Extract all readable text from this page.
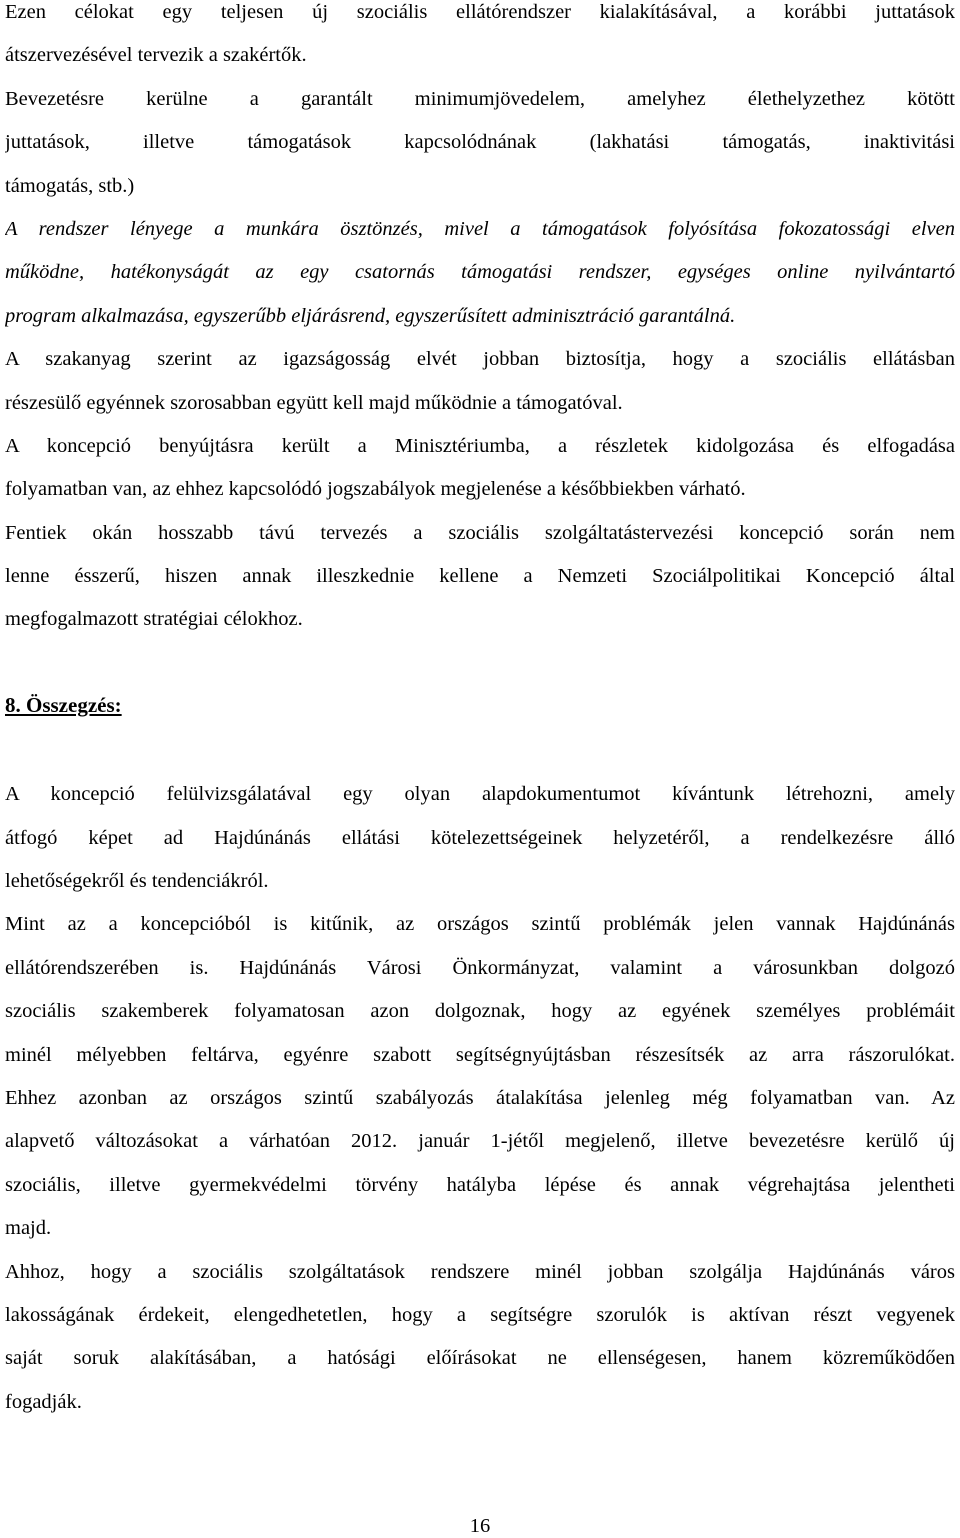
Ezen célokat egy teljesen új szociális ellátórendszer kialakításával, a korábbi juttatások
átszervezésével tervezik a szakértők.
Bevezetésre kerülne a garantált minimumjövedelem, amelyhez élethelyzethez kötött
juttatások, illetve támogatások kapcsolódnának (lakhatási támogatás, inaktivitási
támogatás, stb.)
A rendszer lényege a munkára ösztönzés, mivel a támogatások folyósítása fokozatossági elven
működne, hatékonyságát az egy csatornás támogatási rendszer, egységes online nyilvántartó
program alkalmazása, egyszerűbb eljárásrend, egyszerűsített adminisztráció garantálná.
A szakanyag szerint az igazságosság elvét jobban biztosítja, hogy a szociális ellátásban
részesülő egyénnek szorosabban együtt kell majd működnie a támogatóval.
A koncepció benyújtásra került a Minisztériumba, a részletek kidolgozása és elfogadása
folyamatban van, az ehhez kapcsolódó jogszabályok megjelenése a későbbiekben várható.
Fentiek okán hosszabb távú tervezés a szociális szolgáltatástervezési koncepció során nem
lenne ésszerű, hiszen annak illeszkednie kellene a Nemzeti Szociálpolitikai Koncepció által
megfogalmazott stratégiai célokhoz.
8. Összegzés:
A koncepció felülvizsgálatával egy olyan alapdokumentumot kívántunk létrehozni, amely
átfogó képet ad Hajdúnánás ellátási kötelezettségeinek helyzetéről, a rendelkezésre álló
lehetőségekről és tendenciákról.
Mint az a koncepcióból is kitűnik, az országos szintű problémák jelen vannak Hajdúnánás
ellátórendszerében is. Hajdúnánás Városi Önkormányzat, valamint a városunkban dolgozó
szociális szakemberek folyamatosan azon dolgoznak, hogy az egyének személyes problémáit
minél mélyebben feltárva, egyénre szabott segítségnyújtásban részesítsék az arra rászorulókat.
Ehhez azonban az országos szintű szabályozás átalakítása jelenleg még folyamatban van. Az
alapvető változásokat a várhatóan 2012. január 1-jétől megjelenő, illetve bevezetésre kerülő új
szociális, illetve gyermekvédelmi törvény hatályba lépése és annak végrehajtása jelentheti
majd.
Ahhoz, hogy a szociális szolgáltatások rendszere minél jobban szolgálja Hajdúnánás város
lakosságának érdekeit, elengedhetetlen, hogy a segítségre szorulók is aktívan részt vegyenek
saját soruk alakításában, a hatósági előírásokat ne ellenségesen, hanem közreműködően
fogadják.
16
